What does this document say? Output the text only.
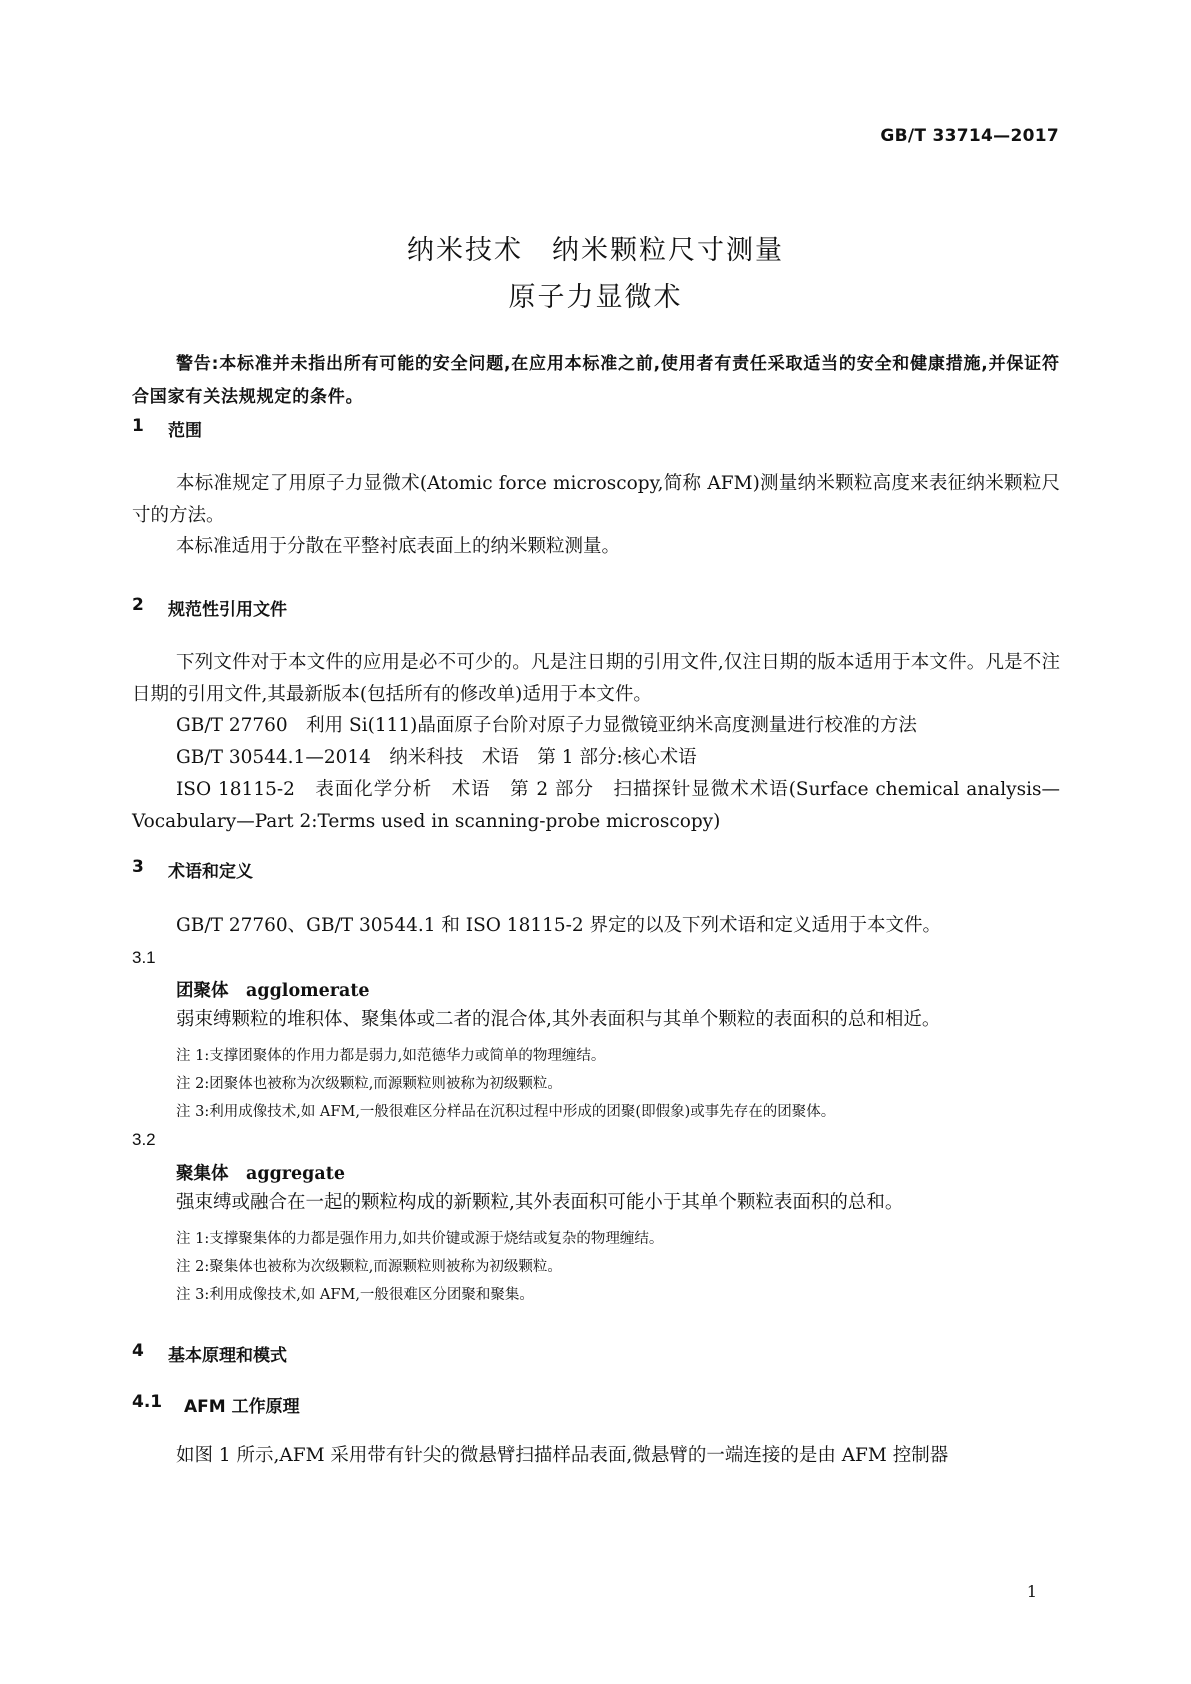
GB/T 33714—2017
纳米技术　纳米颗粒尺寸测量
原子力显微术
警告:本标准并未指出所有可能的安全问题,在应用本标准之前,使用者有责任采取适当的安全和健康措施,并保证符合国家有关法规规定的条件。
1 范围
本标准规定了用原子力显微术(Atomic force microscopy,简称 AFM)测量纳米颗粒高度来表征纳米颗粒尺寸的方法。
本标准适用于分散在平整衬底表面上的纳米颗粒测量。
2 规范性引用文件
下列文件对于本文件的应用是必不可少的。凡是注日期的引用文件,仅注日期的版本适用于本文件。凡是不注日期的引用文件,其最新版本(包括所有的修改单)适用于本文件。
GB/T 27760　利用 Si(111)晶面原子台阶对原子力显微镜亚纳米高度测量进行校准的方法
GB/T 30544.1—2014　纳米科技　术语　第 1 部分:核心术语
ISO 18115-2　表面化学分析　术语　第 2 部分　扫描探针显微术术语(Surface chemical analysis—Vocabulary—Part 2:Terms used in scanning-probe microscopy)
3 术语和定义
GB/T 27760、GB/T 30544.1 和 ISO 18115-2 界定的以及下列术语和定义适用于本文件。
3.1
团聚体　agglomerate
弱束缚颗粒的堆积体、聚集体或二者的混合体,其外表面积与其单个颗粒的表面积的总和相近。
注 1:支撑团聚体的作用力都是弱力,如范德华力或简单的物理缠结。
注 2:团聚体也被称为次级颗粒,而源颗粒则被称为初级颗粒。
注 3:利用成像技术,如 AFM,一般很难区分样品在沉积过程中形成的团聚(即假象)或事先存在的团聚体。
3.2
聚集体　aggregate
强束缚或融合在一起的颗粒构成的新颗粒,其外表面积可能小于其单个颗粒表面积的总和。
注 1:支撑聚集体的力都是强作用力,如共价键或源于烧结或复杂的物理缠结。
注 2:聚集体也被称为次级颗粒,而源颗粒则被称为初级颗粒。
注 3:利用成像技术,如 AFM,一般很难区分团聚和聚集。
4 基本原理和模式
4.1 AFM 工作原理
如图 1 所示,AFM 采用带有针尖的微悬臂扫描样品表面,微悬臂的一端连接的是由 AFM 控制器
1
